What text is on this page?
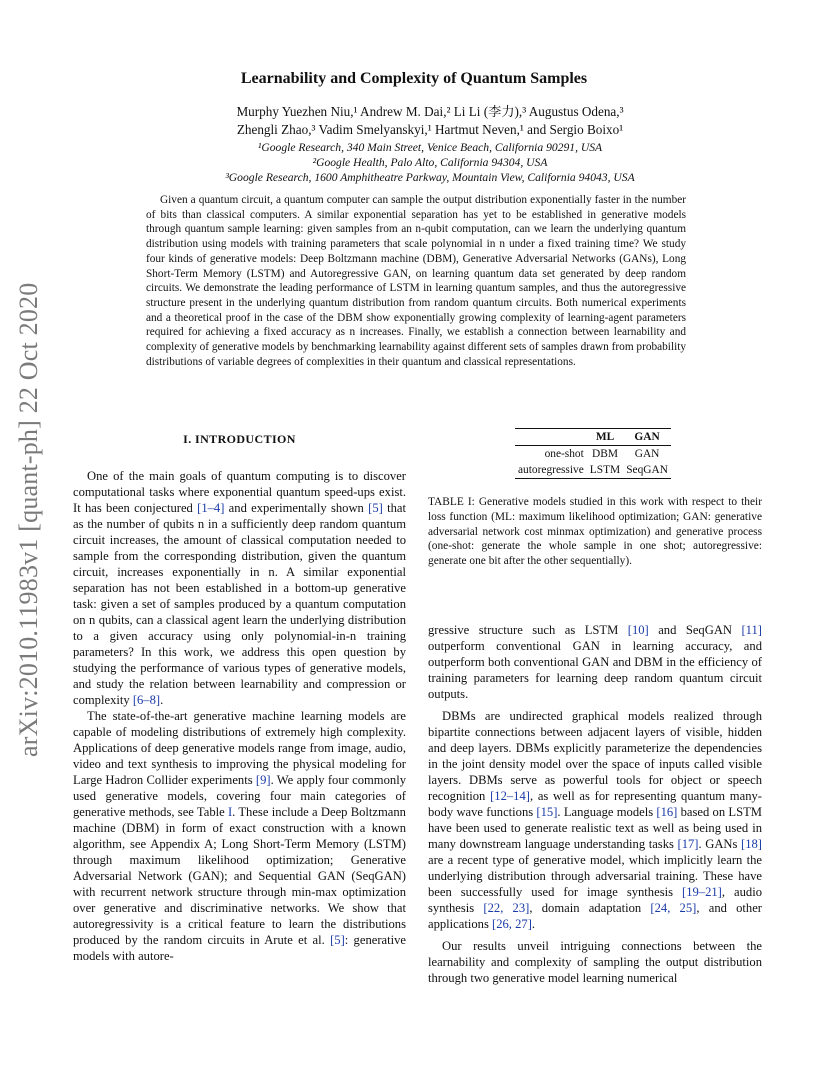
arXiv:2010.11983v1 [quant-ph] 22 Oct 2020
Learnability and Complexity of Quantum Samples
Murphy Yuezhen Niu,¹ Andrew M. Dai,² Li Li (李力),³ Augustus Odena,³
Zhengli Zhao,³ Vadim Smelyanskyi,¹ Hartmut Neven,¹ and Sergio Boixo¹
¹Google Research, 340 Main Street, Venice Beach, California 90291, USA
²Google Health, Palo Alto, California 94304, USA
³Google Research, 1600 Amphitheatre Parkway, Mountain View, California 94043, USA
Given a quantum circuit, a quantum computer can sample the output distribution exponentially faster in the number of bits than classical computers. A similar exponential separation has yet to be established in generative models through quantum sample learning: given samples from an n-qubit computation, can we learn the underlying quantum distribution using models with training parameters that scale polynomial in n under a fixed training time? We study four kinds of generative models: Deep Boltzmann machine (DBM), Generative Adversarial Networks (GANs), Long Short-Term Memory (LSTM) and Autoregressive GAN, on learning quantum data set generated by deep random circuits. We demonstrate the leading performance of LSTM in learning quantum samples, and thus the autoregressive structure present in the underlying quantum distribution from random quantum circuits. Both numerical experiments and a theoretical proof in the case of the DBM show exponentially growing complexity of learning-agent parameters required for achieving a fixed accuracy as n increases. Finally, we establish a connection between learnability and complexity of generative models by benchmarking learnability against different sets of samples drawn from probability distributions of variable degrees of complexities in their quantum and classical representations.
I. INTRODUCTION

One of the main goals of quantum computing is to discover computational tasks where exponential quantum speed-ups exist. It has been conjectured [1–4] and experimentally shown [5] that as the number of qubits n in a sufficiently deep random quantum circuit increases, the amount of classical computation needed to sample from the corresponding distribution, given the quantum circuit, increases exponentially in n. A similar exponential separation has not been established in a bottom-up generative task: given a set of samples produced by a quantum computation on n qubits, can a classical agent learn the underlying distribution to a given accuracy using only polynomial-in-n training parameters? In this work, we address this open question by studying the performance of various types of generative models, and study the relation between learnability and compression or complexity [6–8].

The state-of-the-art generative machine learning models are capable of modeling distributions of extremely high complexity. Applications of deep generative models range from image, audio, video and text synthesis to improving the physical modeling for Large Hadron Collider experiments [9]. We apply four commonly used generative models, covering four main categories of generative methods, see Table I. These include a Deep Boltzmann machine (DBM) in form of exact construction with a known algorithm, see Appendix A; Long Short-Term Memory (LSTM) through maximum likelihood optimization; Generative Adversarial Network (GAN); and Sequential GAN (SeqGAN) with recurrent network structure through min-max optimization over generative and discriminative networks. We show that autoregressivity is a critical feature to learn the distributions produced by the random circuits in Arute et al. [5]: generative models with autore-

	ML	GAN
one-shot	DBM	GAN
autoregressive	LSTM	SeqGAN
TABLE I: Generative models studied in this work with respect to their loss function (ML: maximum likelihood optimization; GAN: generative adversarial network cost minmax optimization) and generative process (one-shot: generate the whole sample in one shot; autoregressive: generate one bit after the other sequentially).

gressive structure such as LSTM [10] and SeqGAN [11] outperform conventional GAN in learning accuracy, and outperform both conventional GAN and DBM in the efficiency of training parameters for learning deep random quantum circuit outputs.

DBMs are undirected graphical models realized through bipartite connections between adjacent layers of visible, hidden and deep layers. DBMs explicitly parameterize the dependencies in the joint density model over the space of inputs called visible layers. DBMs serve as powerful tools for object or speech recognition [12–14], as well as for representing quantum many-body wave functions [15]. Language models [16] based on LSTM have been used to generate realistic text as well as being used in many downstream language understanding tasks [17]. GANs [18] are a recent type of generative model, which implicitly learn the underlying distribution through adversarial training. These have been successfully used for image synthesis [19–21], audio synthesis [22, 23], domain adaptation [24, 25], and other applications [26, 27].

Our results unveil intriguing connections between the learnability and complexity of sampling the output distribution through two generative model learning numerical
